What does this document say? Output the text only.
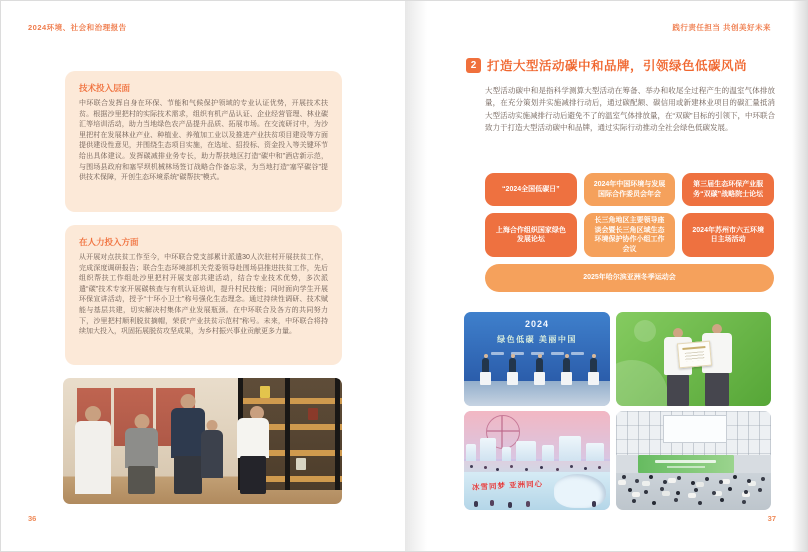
2024环境、社会和治理报告
技术投入层面
中环联合发挥自身在环保、节能和气候保护领域的专业认证优势，开展技术扶贫。根据沙里把村的实际技术需求，组织有机产品认证、企业经营管理、林业碳汇等培训活动，助力当地绿色农产品提升品质、拓展市场。在交流研讨中，为沙里把村在发展林业产业、种植业、养殖加工业以及推进产业扶贫项目建设等方面提供建设性意见，并围绕生态项目实施，在选址、招投标、资金投入等关键环节给出具体建议。发挥碳减排业务专长，助力帮扶地区打造“碳中和”酒店新示范，与围场县政府和塞罕坝机械林场签订战略合作备忘录，为当地打造“塞罕碳谷”提供技术保障，开创生态环境系统“碳帮扶”模式。
在人力投入方面
从开展对点扶贫工作至今，中环联合党支部累计派遣30人次驻村开展扶贫工作，完成深度调研报告；联合生态环境部机关党委领导赴围场县推进扶贫工作，先后组织帮扶工作组赴沙里把村开展支部共建活动，结合专业技术优势，多次派遣“碳”技术专家开展碳核查与有机认证培训，提升村民技能；同时面向学生开展环保宣讲活动，授予“十环小卫士”称号强化生态理念。通过持续性调研、技术赋能与基层共建，切实解决村集体产业发展瓶颈。在中环联合及各方的共同努力下，沙里把村顺利脱贫摘帽，荣获“产业扶贫示范村”称号。未来，中环联合将持续加大投入，巩固拓展脱贫攻坚成果，为乡村振兴事业贡献更多力量。
36
践行责任担当 共创美好未来
2 打造大型活动碳中和品牌，引领绿色低碳风尚

大型活动碳中和是指科学测算大型活动在筹备、举办和收尾全过程产生的温室气体排放量，在充分策划并实施减排行动后，通过碳配额、碳信用或新建林业项目的碳汇量抵消大型活动实施减排行动后避免不了的温室气体排放量，在“双碳”目标的引领下，中环联合致力于打造大型活动碳中和品牌，通过实际行动推动全社会绿色低碳发展。

“2024全国低碳日”
2024年中国环境与发展国际合作委员会年会
第三届生态环保产业服务“双碳”战略院士论坛
上海合作组织国家绿色发展论坛
长三角地区主要领导座谈会暨长三角区域生态环境保护协作小组工作会议
2024年苏州市六五环境日主场活动
2025年哈尔滨亚洲冬季运动会
2024
绿色低碳 美丽中国
冰雪同梦 亚洲同心
37
